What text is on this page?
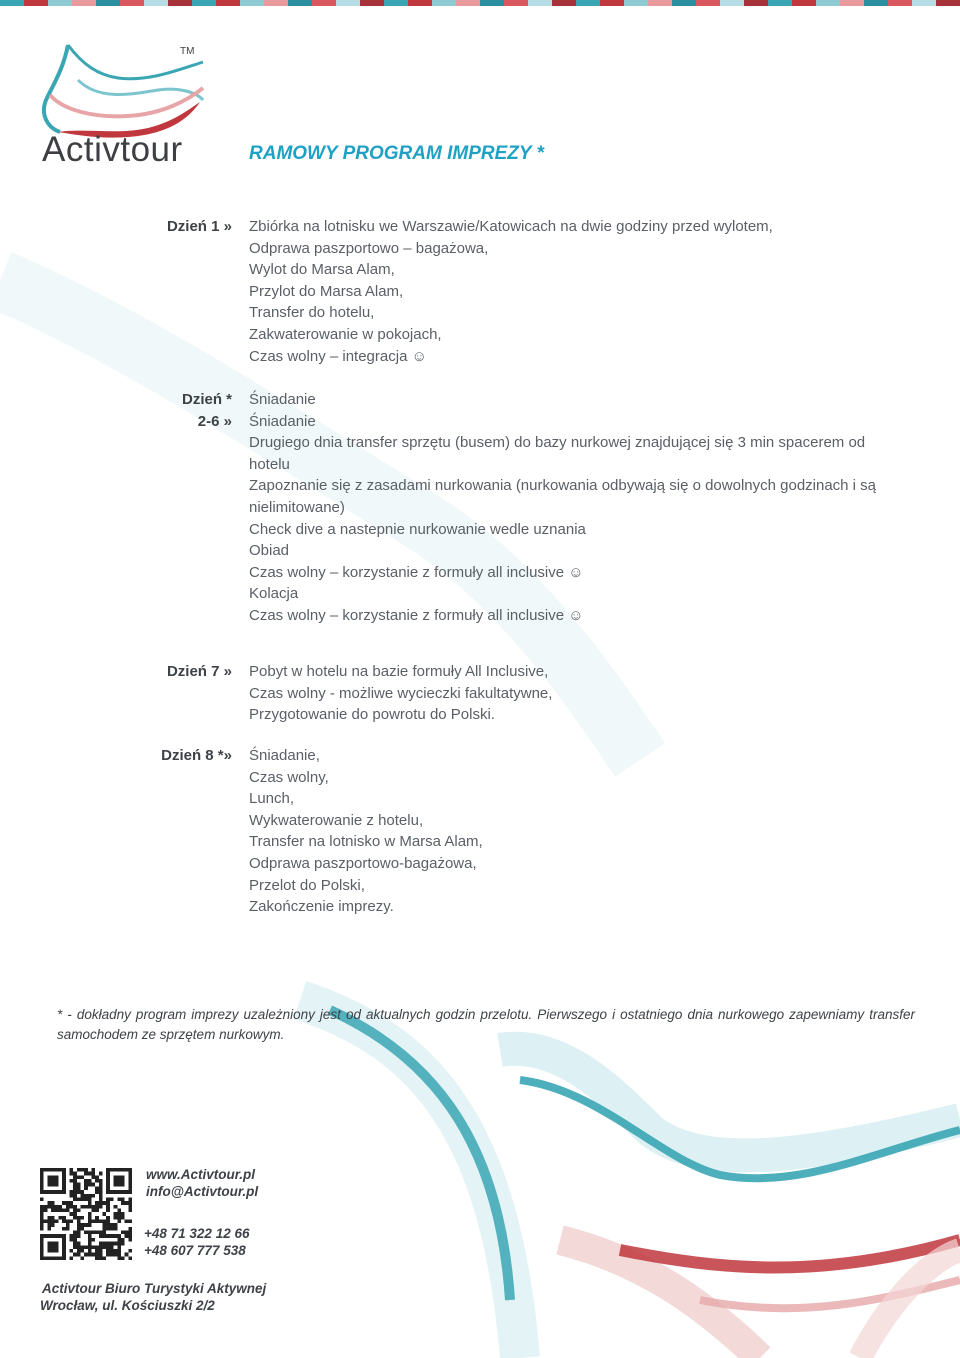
TM
Activtour	RAMOWY PROGRAM IMPREZY *
Dzień 1 » Zbiórka na lotnisku we Warszawie/Katowicach na dwie godziny przed wylotem,
Odprawa paszportowo – bagażowa,
Wylot do Marsa Alam,
Przylot do Marsa Alam,
Transfer do hotelu,
Zakwaterowanie w pokojach,
Czas wolny – integracja ☺
Dzień *
2-6 »
Śniadanie
Śniadanie
Drugiego dnia transfer sprzętu (busem) do bazy nurkowej znajdującej się 3 min spacerem od
hotelu
Zapoznanie się z zasadami nurkowania (nurkowania odbywają się o dowolnych godzinach i są
nielimitowane)
Check dive a nastepnie nurkowanie wedle uznania
Obiad
Czas wolny – korzystanie z formuły all inclusive ☺
Kolacja
Czas wolny – korzystanie z formuły all inclusive ☺
Dzień 7 » Pobyt w hotelu na bazie formuły All Inclusive,
Czas wolny - możliwe wycieczki fakultatywne,
Przygotowanie do powrotu do Polski.
Dzień 8 *» Śniadanie,
Czas wolny,
Lunch,
Wykwaterowanie z hotelu,
Transfer na lotnisko w Marsa Alam,
Odprawa paszportowo-bagażowa,
Przelot do Polski,
Zakończenie imprezy.
* - dokładny program imprezy uzależniony jest od aktualnych godzin przelotu. Pierwszego i ostatniego dnia nurkowego zapewniamy transfer samochodem ze sprzętem nurkowym.
www.Activtour.pl
info@Activtour.pl
+48 71 322 12 66
+48 607 777 538
Activtour Biuro Turystyki Aktywnej
Wrocław, ul. Kościuszki 2/2
